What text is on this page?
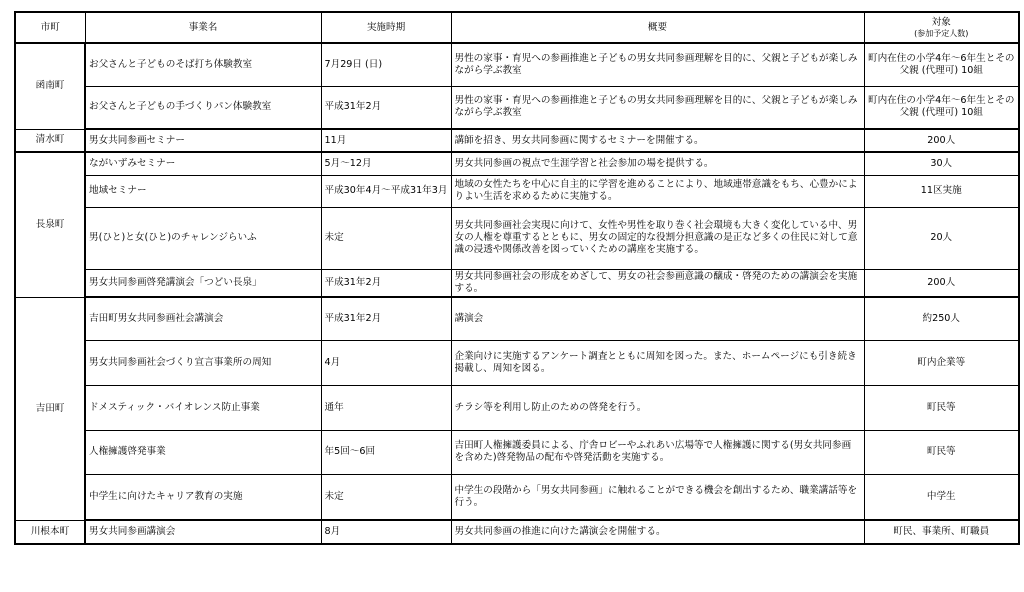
市町	事業名	実施時期	概要	対象
(参加予定人数)

函南町	お父さんと子どものそば打ち体験教室	7月29日 (日)	男性の家事・育児への参画推進と子どもの男女共同参画理解を目的に、父親と子どもが楽しみながら学ぶ教室	町内在住の小学4年～6年生とその父親 (代理可) 10組
	お父さんと子どもの手づくりパン体験教室	平成31年2月	男性の家事・育児への参画推進と子どもの男女共同参画理解を目的に、父親と子どもが楽しみながら学ぶ教室	町内在住の小学4年～6年生とその父親 (代理可) 10組
清水町	男女共同参画セミナー	11月	講師を招き、男女共同参画に関するセミナーを開催する。	200人
長泉町	ながいずみセミナー	5月～12月	男女共同参画の視点で生涯学習と社会参加の場を提供する。	30人
	地域セミナー	平成30年4月～平成31年3月	地域の女性たちを中心に自主的に学習を進めることにより、地域連帯意識をもち、心豊かによりよい生活を求めるために実施する。	11区実施
	男(ひと)と女(ひと)のチャレンジらいふ	未定	男女共同参画社会実現に向けて、女性や男性を取り巻く社会環境も大きく変化している中、男女の人権を尊重するとともに、男女の固定的な役割分担意識の是正など多くの住民に対して意識の浸透や関係改善を図っていくための講座を実施する。	20人
	男女共同参画啓発講演会「つどい長泉」	平成31年2月	男女共同参画社会の形成をめざして、男女の社会参画意識の醸成・啓発のための講演会を実施する。	200人
吉田町	吉田町男女共同参画社会講演会	平成31年2月	講演会	約250人
	男女共同参画社会づくり宣言事業所の周知	4月	企業向けに実施するアンケート調査とともに周知を図った。また、ホームページにも引き続き掲載し、周知を図る。	町内企業等
	ドメスティック・バイオレンス防止事業	通年	チラシ等を利用し防止のための啓発を行う。	町民等
	人権擁護啓発事業	年5回～6回	吉田町人権擁護委員による、庁舎ロビーやふれあい広場等で人権擁護に関する(男女共同参画を含めた)啓発物品の配布や啓発活動を実施する。	町民等
	中学生に向けたキャリア教育の実施	未定	中学生の段階から「男女共同参画」に触れることができる機会を創出するため、職業講話等を行う。	中学生
川根本町	男女共同参画講演会	8月	男女共同参画の推進に向けた講演会を開催する。	町民、事業所、町職員
